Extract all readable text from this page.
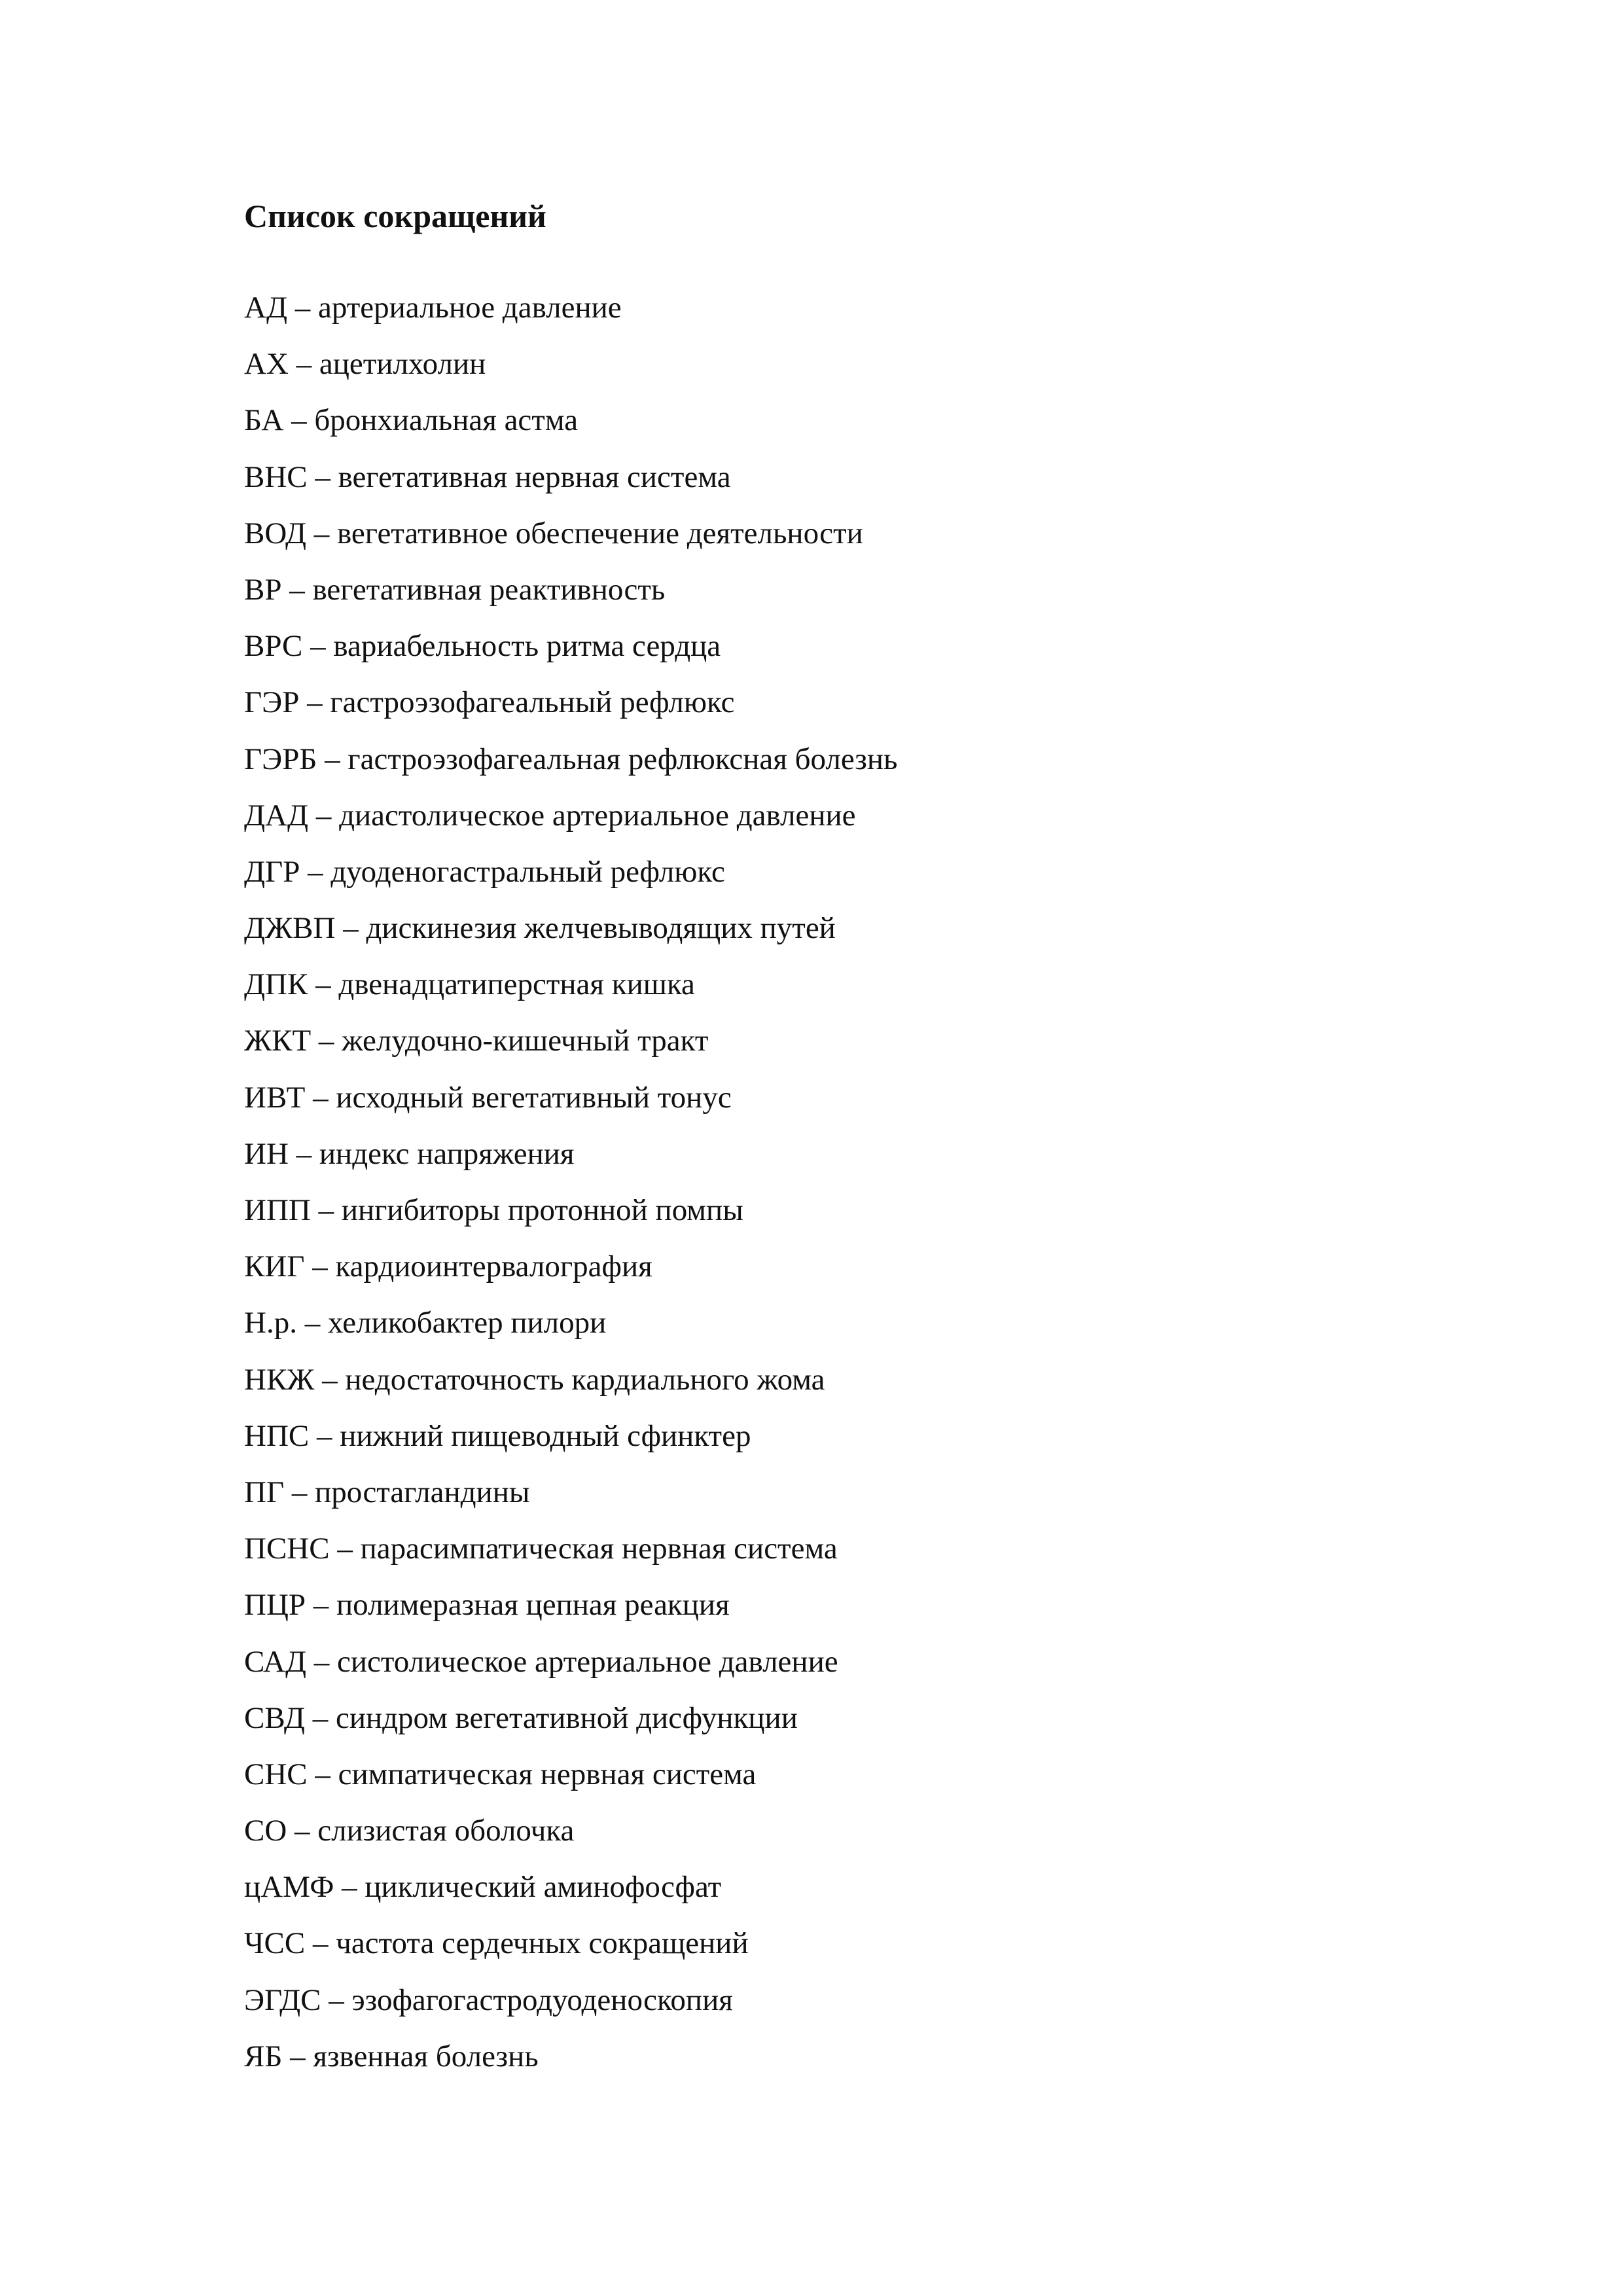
Список сокращений
АД – артериальное давление
АХ – ацетилхолин
БА – бронхиальная астма
ВНС – вегетативная нервная система
ВОД – вегетативное обеспечение деятельности
ВР – вегетативная реактивность
ВРС – вариабельность ритма сердца
ГЭР – гастроэзофагеальный рефлюкс
ГЭРБ – гастроэзофагеальная рефлюксная болезнь
ДАД – диастолическое артериальное давление
ДГР – дуоденогастральный рефлюкс
ДЖВП – дискинезия желчевыводящих путей
ДПК – двенадцатиперстная кишка
ЖКТ – желудочно-кишечный тракт
ИВТ – исходный вегетативный тонус
ИН – индекс напряжения
ИПП – ингибиторы протонной помпы
КИГ – кардиоинтервалография
H.p. – хеликобактер пилори
НКЖ – недостаточность кардиального жома
НПС – нижний пищеводный сфинктер
ПГ – простагландины
ПСНС – парасимпатическая нервная система
ПЦР – полимеразная цепная реакция
САД – систолическое артериальное давление
СВД – синдром вегетативной дисфункции
СНС – симпатическая нервная система
СО – слизистая оболочка
цАМФ – циклический аминофосфат
ЧСС – частота сердечных сокращений
ЭГДС – эзофагогастродуоденоскопия
ЯБ – язвенная болезнь
